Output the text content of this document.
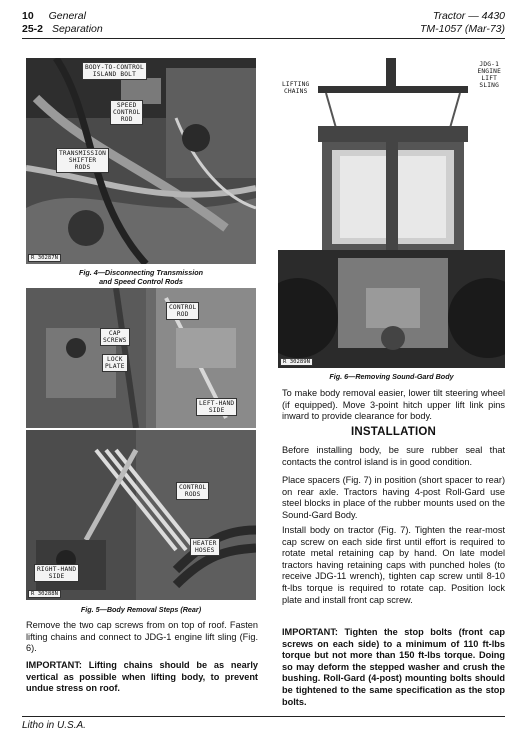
10 General
25-2 Separation
Tractor — 4430
TM-1057 (Mar-73)
BODY-TO-CONTROL
ISLAND BOLT
SPEED
CONTROL
ROD
TRANSMISSION
SHIFTER
RODS
R 30287N
Fig. 4—Disconnecting Transmission
and Speed Control Rods
CONTROL
ROD
CAP
SCREWS
LOCK
PLATE
LEFT-HAND
SIDE
CONTROL
RODS
HEATER
HOSES
RIGHT-HAND
SIDE
R 30288N
Fig. 5—Body Removal Steps (Rear)
Remove the two cap screws from on top of roof. Fasten lifting chains and connect to JDG-1 engine lift sling (Fig. 6).
IMPORTANT: Lifting chains should be as nearly vertical as possible when lifting body, to prevent undue stress on roof.
LIFTING
CHAINS
JDG-1
ENGINE
LIFT
SLING
R 30289N
Fig. 6—Removing Sound-Gard Body
To make body removal easier, lower tilt steering wheel (if equipped). Move 3-point hitch upper lift link pins inward to provide clearance for body.
INSTALLATION
Before installing body, be sure rubber seal that contacts the control island is in good condition.
Place spacers (Fig. 7) in position (short spacer to rear) on rear axle. Tractors having 4-post Roll-Gard use steel blocks in place of the rubber mounts used on the Sound-Gard Body.
Install body on tractor (Fig. 7). Tighten the rear-most cap screw on each side first until effort is required to rotate metal retaining cap by hand. On late model tractors having retaining caps with punched holes (to receive JDG-11 wrench), tighten cap screw until 8-10 ft-lbs torque is required to rotate cap. Position lock plate and install front cap screw.
IMPORTANT: Tighten the stop bolts (front cap screws on each side) to a minimum of 110 ft-lbs torque but not more than 150 ft-lbs torque. Doing so may deform the stepped washer and crush the bushing. Roll-Gard (4-post) mounting bolts should be tightened to the same specification as the stop bolts.
Litho in U.S.A.
